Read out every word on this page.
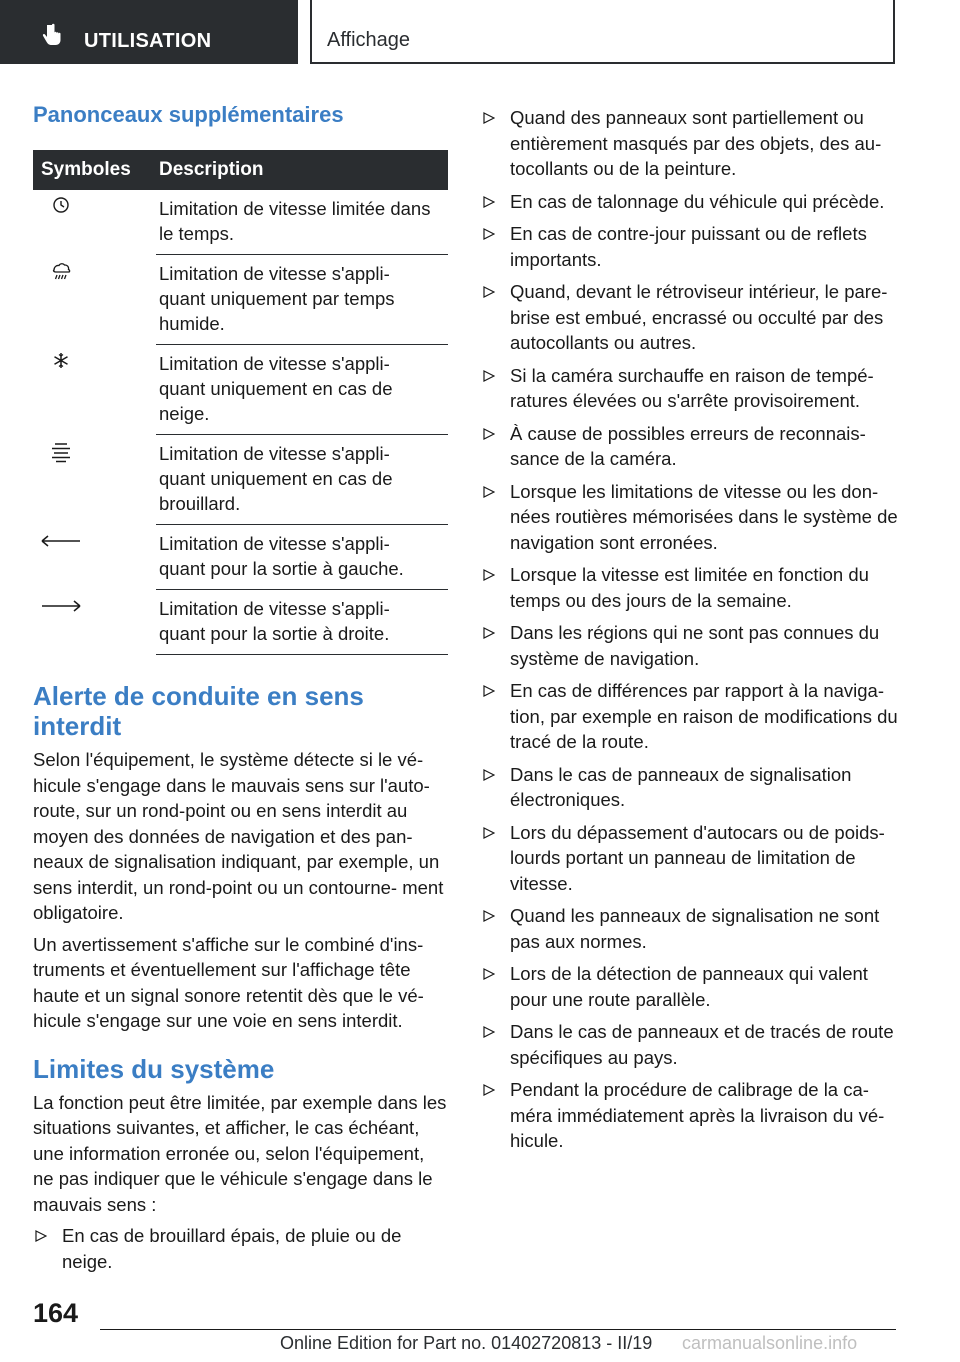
UTILISATION	Affichage
Panonceaux supplémentaires
Symboles	Description

	Limitation de vitesse limitée dans le temps.

	Limitation de vitesse s'appli- quant uniquement par temps humide.

	Limitation de vitesse s'appli- quant uniquement en cas de neige.

	Limitation de vitesse s'appli- quant uniquement en cas de brouillard.

	Limitation de vitesse s'appli- quant pour la sortie à gauche.

	Limitation de vitesse s'appli- quant pour la sortie à droite.
Alerte de conduite en sens interdit

Selon l'équipement, le système détecte si le vé- hicule s'engage dans le mauvais sens sur l'auto- route, sur un rond-point ou en sens interdit au moyen des données de navigation et des pan- neaux de signalisation indiquant, par exemple, un sens interdit, un rond-point ou un contourne- ment obligatoire.

Un avertissement s'affiche sur le combiné d'ins- truments et éventuellement sur l'affichage tête haute et un signal sonore retentit dès que le vé- hicule s'engage sur une voie en sens interdit.

Limites du système

La fonction peut être limitée, par exemple dans les situations suivantes, et afficher, le cas échéant, une information erronée ou, selon l'équipement, ne pas indiquer que le véhicule s'engage dans le mauvais sens :

En cas de brouillard épais, de pluie ou de neige.
Quand des panneaux sont partiellement ou entièrement masqués par des objets, des au- tocollants ou de la peinture.
En cas de talonnage du véhicule qui précède.
En cas de contre-jour puissant ou de reflets importants.
Quand, devant le rétroviseur intérieur, le pare- brise est embué, encrassé ou occulté par des autocollants ou autres.
Si la caméra surchauffe en raison de tempé- ratures élevées ou s'arrête provisoirement.
À cause de possibles erreurs de reconnais- sance de la caméra.
Lorsque les limitations de vitesse ou les don- nées routières mémorisées dans le système de navigation sont erronées.
Lorsque la vitesse est limitée en fonction du temps ou des jours de la semaine.
Dans les régions qui ne sont pas connues du système de navigation.
En cas de différences par rapport à la naviga- tion, par exemple en raison de modifications du tracé de la route.
Dans le cas de panneaux de signalisation électroniques.
Lors du dépassement d'autocars ou de poids-lourds portant un panneau de limitation de vitesse.
Quand les panneaux de signalisation ne sont pas aux normes.
Lors de la détection de panneaux qui valent pour une route parallèle.
Dans le cas de panneaux et de tracés de route spécifiques au pays.
Pendant la procédure de calibrage de la ca- méra immédiatement après la livraison du vé- hicule.
164
Online Edition for Part no. 01402720813 - II/19 carmanualsonline.info
